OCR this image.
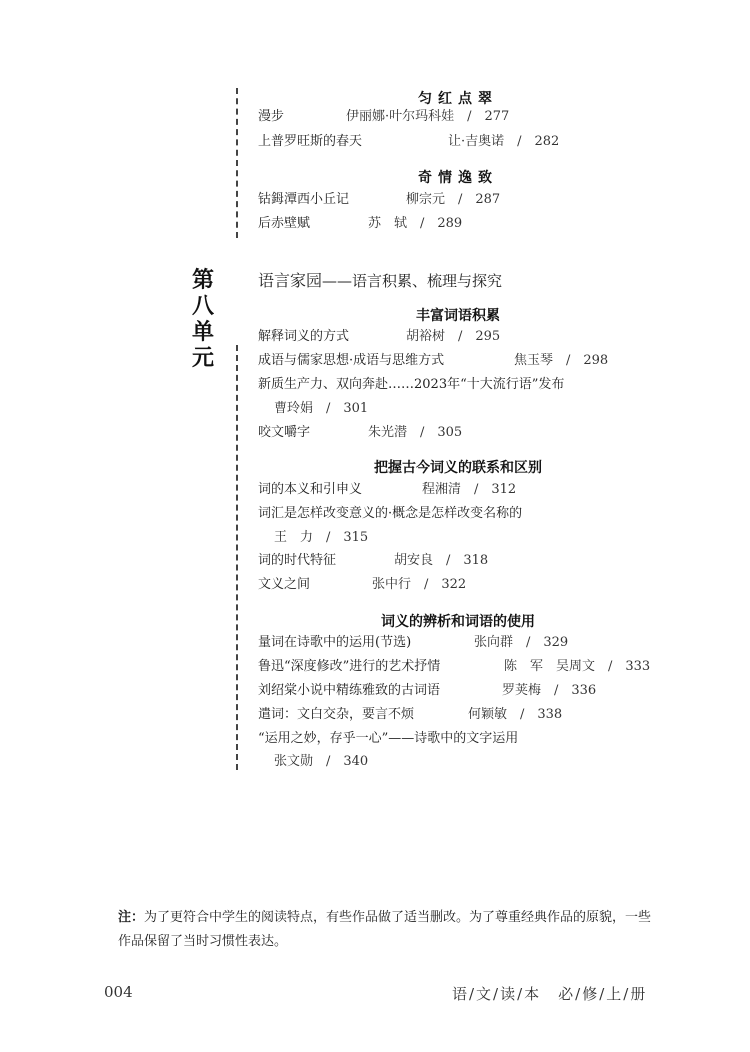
第
八
单
元
匀红点翠
漫步	伊丽娜·叶尔玛科娃　/　277
上普罗旺斯的春天	让·吉奥诺　/　282
奇情逸致
钴鉧潭西小丘记	柳宗元　/　287
后赤壁赋	苏　轼　/　289
语言家园——语言积累、梳理与探究
丰富词语积累
解释词义的方式	胡裕树　/　295
成语与儒家思想·成语与思维方式	焦玉琴　/　298
新质生产力、双向奔赴……2023年“十大流行语”发布
曹玲娟　/　301
咬文嚼字	朱光潜　/　305
把握古今词义的联系和区别
词的本义和引申义	程湘清　/　312
词汇是怎样改变意义的·概念是怎样改变名称的
王　力　/　315
词的时代特征	胡安良　/　318
文义之间	张中行　/　322
词义的辨析和词语的使用
量词在诗歌中的运用(节选)	张向群　/　329
鲁迅“深度修改”进行的艺术抒情	陈　军　吴周文　/　333
刘绍棠小说中精练雅致的古词语	罗荚梅　/　336
遣词：文白交杂，要言不烦	何颖敏　/　338
“运用之妙，存乎一心”——诗歌中的文字运用
张文勋　/　340
注：为了更符合中学生的阅读特点，有些作品做了适当删改。为了尊重经典作品的原貌，一些作品保留了当时习惯性表达。
004	语/文/读/本　必/修/上/册
